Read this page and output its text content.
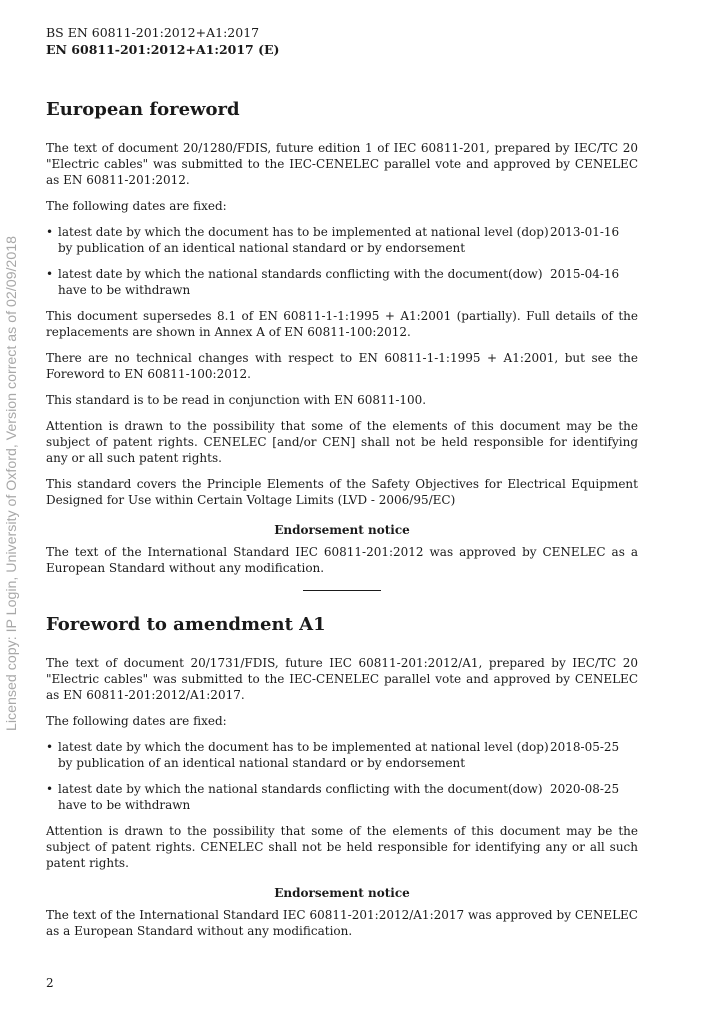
BS EN 60811-201:2012+A1:2017
EN 60811-201:2012+A1:2017 (E)
Licensed copy: IP Login, University of Oxford, Version correct as of 02/09/2018
European foreword

The text of document 20/1280/FDIS, future edition 1 of IEC 60811-201, prepared by IEC/TC 20 "Electric cables" was submitted to the IEC-CENELEC parallel vote and approved by CENELEC as EN 60811-201:2012.

The following dates are fixed:

• latest date by which the document has to be implemented at national level (dop) 2013-01-16
by publication of an identical national standard or by endorsement
• latest date by which the national standards conflicting with the document(dow) 2015-04-16
have to be withdrawn

This document supersedes 8.1 of EN 60811-1-1:1995 + A1:2001 (partially). Full details of the replacements are shown in Annex A of EN 60811-100:2012.

There are no technical changes with respect to EN 60811-1-1:1995 + A1:2001, but see the Foreword to EN 60811-100:2012.

This standard is to be read in conjunction with EN 60811-100.

Attention is drawn to the possibility that some of the elements of this document may be the subject of patent rights. CENELEC [and/or CEN] shall not be held responsible for identifying any or all such patent rights.

This standard covers the Principle Elements of the Safety Objectives for Electrical Equipment Designed for Use within Certain Voltage Limits (LVD - 2006/95/EC)

Endorsement notice

The text of the International Standard IEC 60811-201:2012 was approved by CENELEC as a European Standard without any modification.

Foreword to amendment A1

The text of document 20/1731/FDIS, future IEC 60811-201:2012/A1, prepared by IEC/TC 20 "Electric cables" was submitted to the IEC-CENELEC parallel vote and approved by CENELEC as EN 60811-201:2012/A1:2017.

The following dates are fixed:

• latest date by which the document has to be implemented at national level (dop) 2018-05-25
by publication of an identical national standard or by endorsement
• latest date by which the national standards conflicting with the document(dow) 2020-08-25
have to be withdrawn

Attention is drawn to the possibility that some of the elements of this document may be the subject of patent rights. CENELEC shall not be held responsible for identifying any or all such patent rights.

Endorsement notice

The text of the International Standard IEC 60811-201:2012/A1:2017 was approved by CENELEC as a European Standard without any modification.

2
